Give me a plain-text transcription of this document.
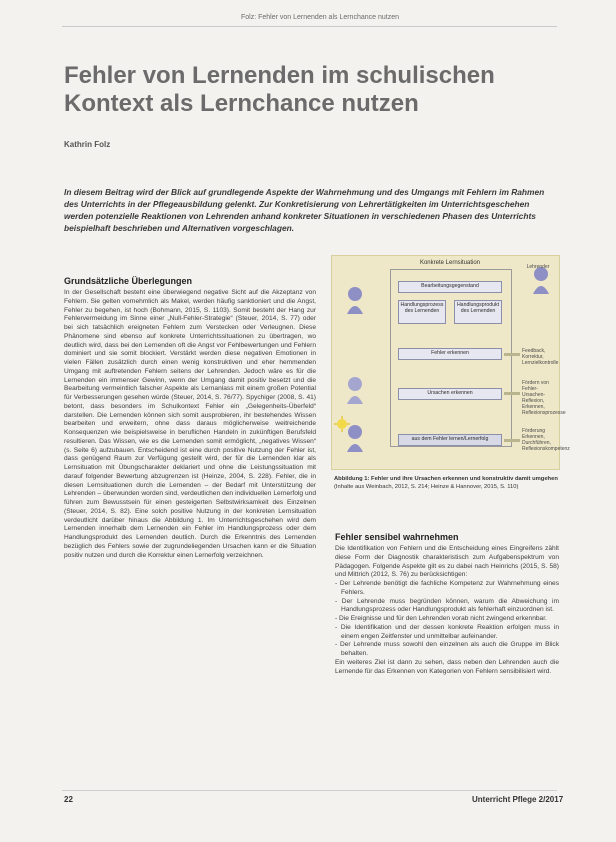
Folz: Fehler von Lernenden als Lernchance nutzen
Fehler von Lernenden im schulischen Kontext als Lernchance nutzen
Kathrin Folz

In diesem Beitrag wird der Blick auf grundlegende Aspekte der Wahrnehmung und des Umgangs mit Fehlern im Rahmen des Unterrichts in der Pflegeausbildung gelenkt. Zur Konkretisierung von Lehrertätigkeiten im Unterrichtsgeschehen werden potenzielle Reaktionen von Lehrenden anhand konkreter Situationen in verschiedenen Phasen des Unterrichts beispielhaft beschrieben und Alternativen vorgeschlagen.

Grundsätzliche Überlegungen

In der Gesellschaft besteht eine überwiegend negative Sicht auf die Akzeptanz von Fehlern. Sie gelten vornehmlich als Makel, werden häufig sanktioniert und die Angst, Fehler zu begehen, ist hoch (Bohmann, 2015, S. 1103). Somit besteht der Hang zur Fehlervermeidung im Sinne einer „Null-Fehler-Strategie“ (Steuer, 2014, S. 77) oder bei sich tatsächlich ereigneten Fehlern zum Verstecken oder Verleugnen. Diese Phänomene sind ebenso auf konkrete Unterrichtssituationen zu übertragen, wo deutlich wird, dass bei den Lernenden oft die Angst vor Fehlbewertungen und Fehlern dominiert und sie somit blockiert. Verstärkt werden diese negativen Emotionen in vielen Fällen zusätzlich durch einen wenig konstruktiven und eher hemmenden Umgang mit auftretenden Fehlern seitens der Lehrenden. Jedoch wäre es für die Lernenden ein immenser Gewinn, wenn der Umgang damit positiv besetzt und die Bearbeitung vermeintlich falscher Aspekte als Lernanlass mit einem großen Potential für Verbesserungen gesehen würde (Steuer, 2014, S. 76/77). Spychiger (2008, S. 41) betont, dass besonders im Schulkontext Fehler ein „Gelegenheits-Überfeld“ darstellen. Die Lernenden können sich somit ausprobieren, ihr bestehendes Wissen bearbeiten und erweitern, ohne dass daraus möglicherweise weitreichende Konsequenzen wie beispielsweise in beruflichen Handeln in zukünftigen Berufsfeld resultieren. Das Wissen, wie es die Lernenden somit ermöglicht, „negatives Wissen“ (s. Seite 6) aufzubauen. Entscheidend ist eine durch positive Nutzung der Fehler ist, dass genügend Raum zur Verfügung gestellt wird, der für die Lernenden klar als Lernsituation mit Übungscharakter deklariert und ohne die Leistungssituation mit darauf folgender Bewertung abzugrenzen ist (Heinze, 2004, S. 228). Fehler, die in diesen Lernsituationen durch die Lernenden – der Bedarf mit Unterstützung der Lehrenden – überwunden worden sind, verdeutlichen den individuellen Lernerfolg und führen zum Bewusstsein für einen gesteigerten Selbstwirksamkeit des Einzelnen (Steuer, 2014, S. 82). Eine solch positive Nutzung in der konkreten Lernsituation verdeutlicht darüber hinaus die Abbildung 1. Im Unterrichtsgeschehen wird dem Lernenden innerhalb dem Lernenden ein Fehler im Handlungsprozess oder dem Handlungsprodukt des Lernenden deutlich. Durch die Erkenntnis des Lernenden bezüglich des Fehlers sowie der zugrundeliegenden Ursachen kann er die Situation positiv nutzen und durch die Korrektur einen Lernerfolg verzeichnen.

Konkrete Lernsituation
Bearbeitungsgegenstand
Handlungsprozess des Lernenden
Handlungsprodukt des Lernenden
Fehler erkennen
Ursachen erkennen
aus dem Fehler lernen/Lernerfolg
Lehrender
Feedback, Korrektur, Lernzielkontrolle
Fördern von Fehler-Ursachen-Reflexion, Erkennen, Reflexionsprozesse
Förderung Erkennen, Durchführen, Reflexionskompetenz
Abbildung 1: Fehler und ihre Ursachen erkennen und konstruktiv damit umgehen (Inhalte aus Weinbach, 2012, S. 214; Heinze & Hannover, 2015, S. 110)
Fehler sensibel wahrnehmen

Die Identifikation von Fehlern und die Entscheidung eines Eingreifens zählt diese Form der Diagnostik charakteristisch zum Aufgabenspektrum von Pädagogen. Folgende Aspekte gilt es zu dabei nach Heinrichs (2015, S. 58) und Mittrich (2012, S. 76) zu berücksichtigen:

- Der Lehrende benötigt die fachliche Kompetenz zur Wahrnehmung eines Fehlers.

- Der Lehrende muss begründen können, warum die Abweichung im Handlungsprozess oder Handlungsprodukt als fehlerhaft einzuordnen ist.

- Die Ereignisse und für den Lehrenden vorab nicht zwingend erkennbar.

- Die Identifikation und der dessen konkrete Reaktion erfolgen muss in einem engen Zeitfenster und unmittelbar aufeinander.

- Der Lehrende muss sowohl den einzelnen als auch die Gruppe im Blick behalten.

Ein weiteres Ziel ist dann zu sehen, dass neben den Lehrenden auch die Lernende für das Erkennen von Kategorien von Fehlern sensibilisiert wird.

22	Unterricht Pflege 2/2017
